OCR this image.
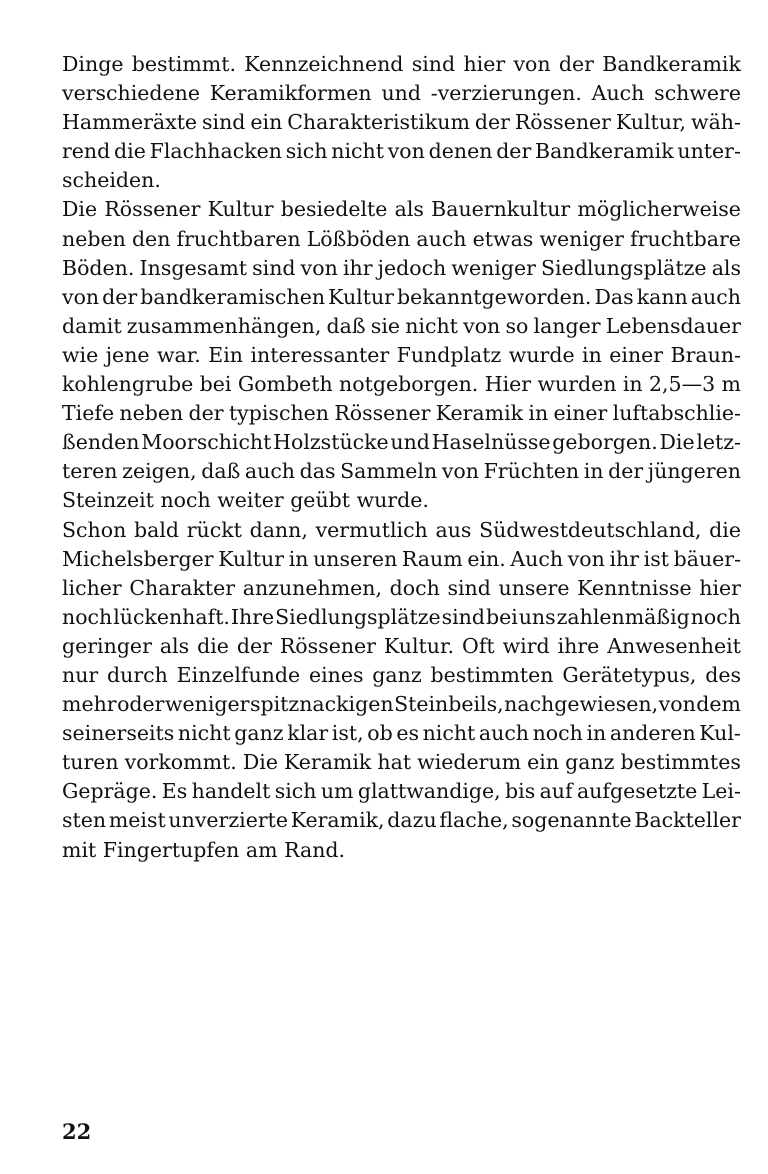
Dinge bestimmt. Kennzeichnend sind hier von der Bandkeramik
verschiedene Keramikformen und -verzierungen. Auch schwere
Hammeräxte sind ein Charakteristikum der Rössener Kultur, wäh-
rend die Flachhacken sich nicht von denen der Bandkeramik unter-
scheiden.
Die Rössener Kultur besiedelte als Bauernkultur möglicherweise
neben den fruchtbaren Lößböden auch etwas weniger fruchtbare
Böden. Insgesamt sind von ihr jedoch weniger Siedlungsplätze als
von der bandkeramischen Kultur bekanntgeworden. Das kann auch
damit zusammenhängen, daß sie nicht von so langer Lebensdauer
wie jene war. Ein interessanter Fundplatz wurde in einer Braun-
kohlengrube bei Gombeth notgeborgen. Hier wurden in 2,5—3 m
Tiefe neben der typischen Rössener Keramik in einer luftabschlie-
ßenden Moorschicht Holzstücke und Haselnüsse geborgen. Die letz-
teren zeigen, daß auch das Sammeln von Früchten in der jüngeren
Steinzeit noch weiter geübt wurde.
Schon bald rückt dann, vermutlich aus Südwestdeutschland, die
Michelsberger Kultur in unseren Raum ein. Auch von ihr ist bäuer-
licher Charakter anzunehmen, doch sind unsere Kenntnisse hier
noch lückenhaft. Ihre Siedlungsplätze sind bei uns zahlenmäßig noch
geringer als die der Rössener Kultur. Oft wird ihre Anwesenheit
nur durch Einzelfunde eines ganz bestimmten Gerätetypus, des
mehr oder weniger spitznackigen Steinbeils, nachgewiesen, von dem
seinerseits nicht ganz klar ist, ob es nicht auch noch in anderen Kul-
turen vorkommt. Die Keramik hat wiederum ein ganz bestimmtes
Gepräge. Es handelt sich um glattwandige, bis auf aufgesetzte Lei-
sten meist unverzierte Keramik, dazu flache, sogenannte Backteller
mit Fingertupfen am Rand.
22
